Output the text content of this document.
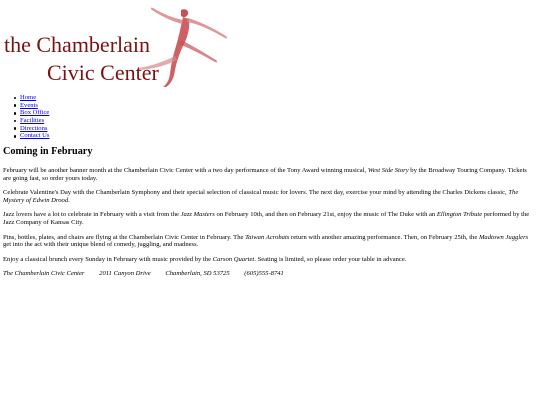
the Chamberlain
Civic Center
Home
Events
Box Office
Facilities
Directions
Contact Us
Coming in February

February will be another banner month at the Chamberlain Civic Center with a two day performance of the Tony Award winning musical, West Side Story by the Broadway Touring Company. Tickets are going fast, so order yours today.

Celebrate Valentine's Day with the Chamberlain Symphony and their special selection of classical music for lovers. The next day, exercise your mind by attending the Charles Dickens classic, The Mystery of Edwin Drood.

Jazz lovers have a lot to celebrate in February with a visit from the Jazz Masters on February 10th, and then on February 21st, enjoy the music of The Duke with an Ellington Tribute performed by the Jazz Company of Kansas City.

Pins, bottles, plates, and chairs are flying at the Chamberlain Civic Center in February. The Taiwan Acrobats return with another amazing performance. Then, on February 25th, the Madtown Jugglers get into the act with their unique blend of comedy, juggling, and madness.

Enjoy a classical brunch every Sunday in February with music provided by the Carson Quartet. Seating is limited, so please order your table in advance.

The Chamberlain Civic Center 2011 Canyon Drive Chamberlain, SD 53725 (605)555-8741
